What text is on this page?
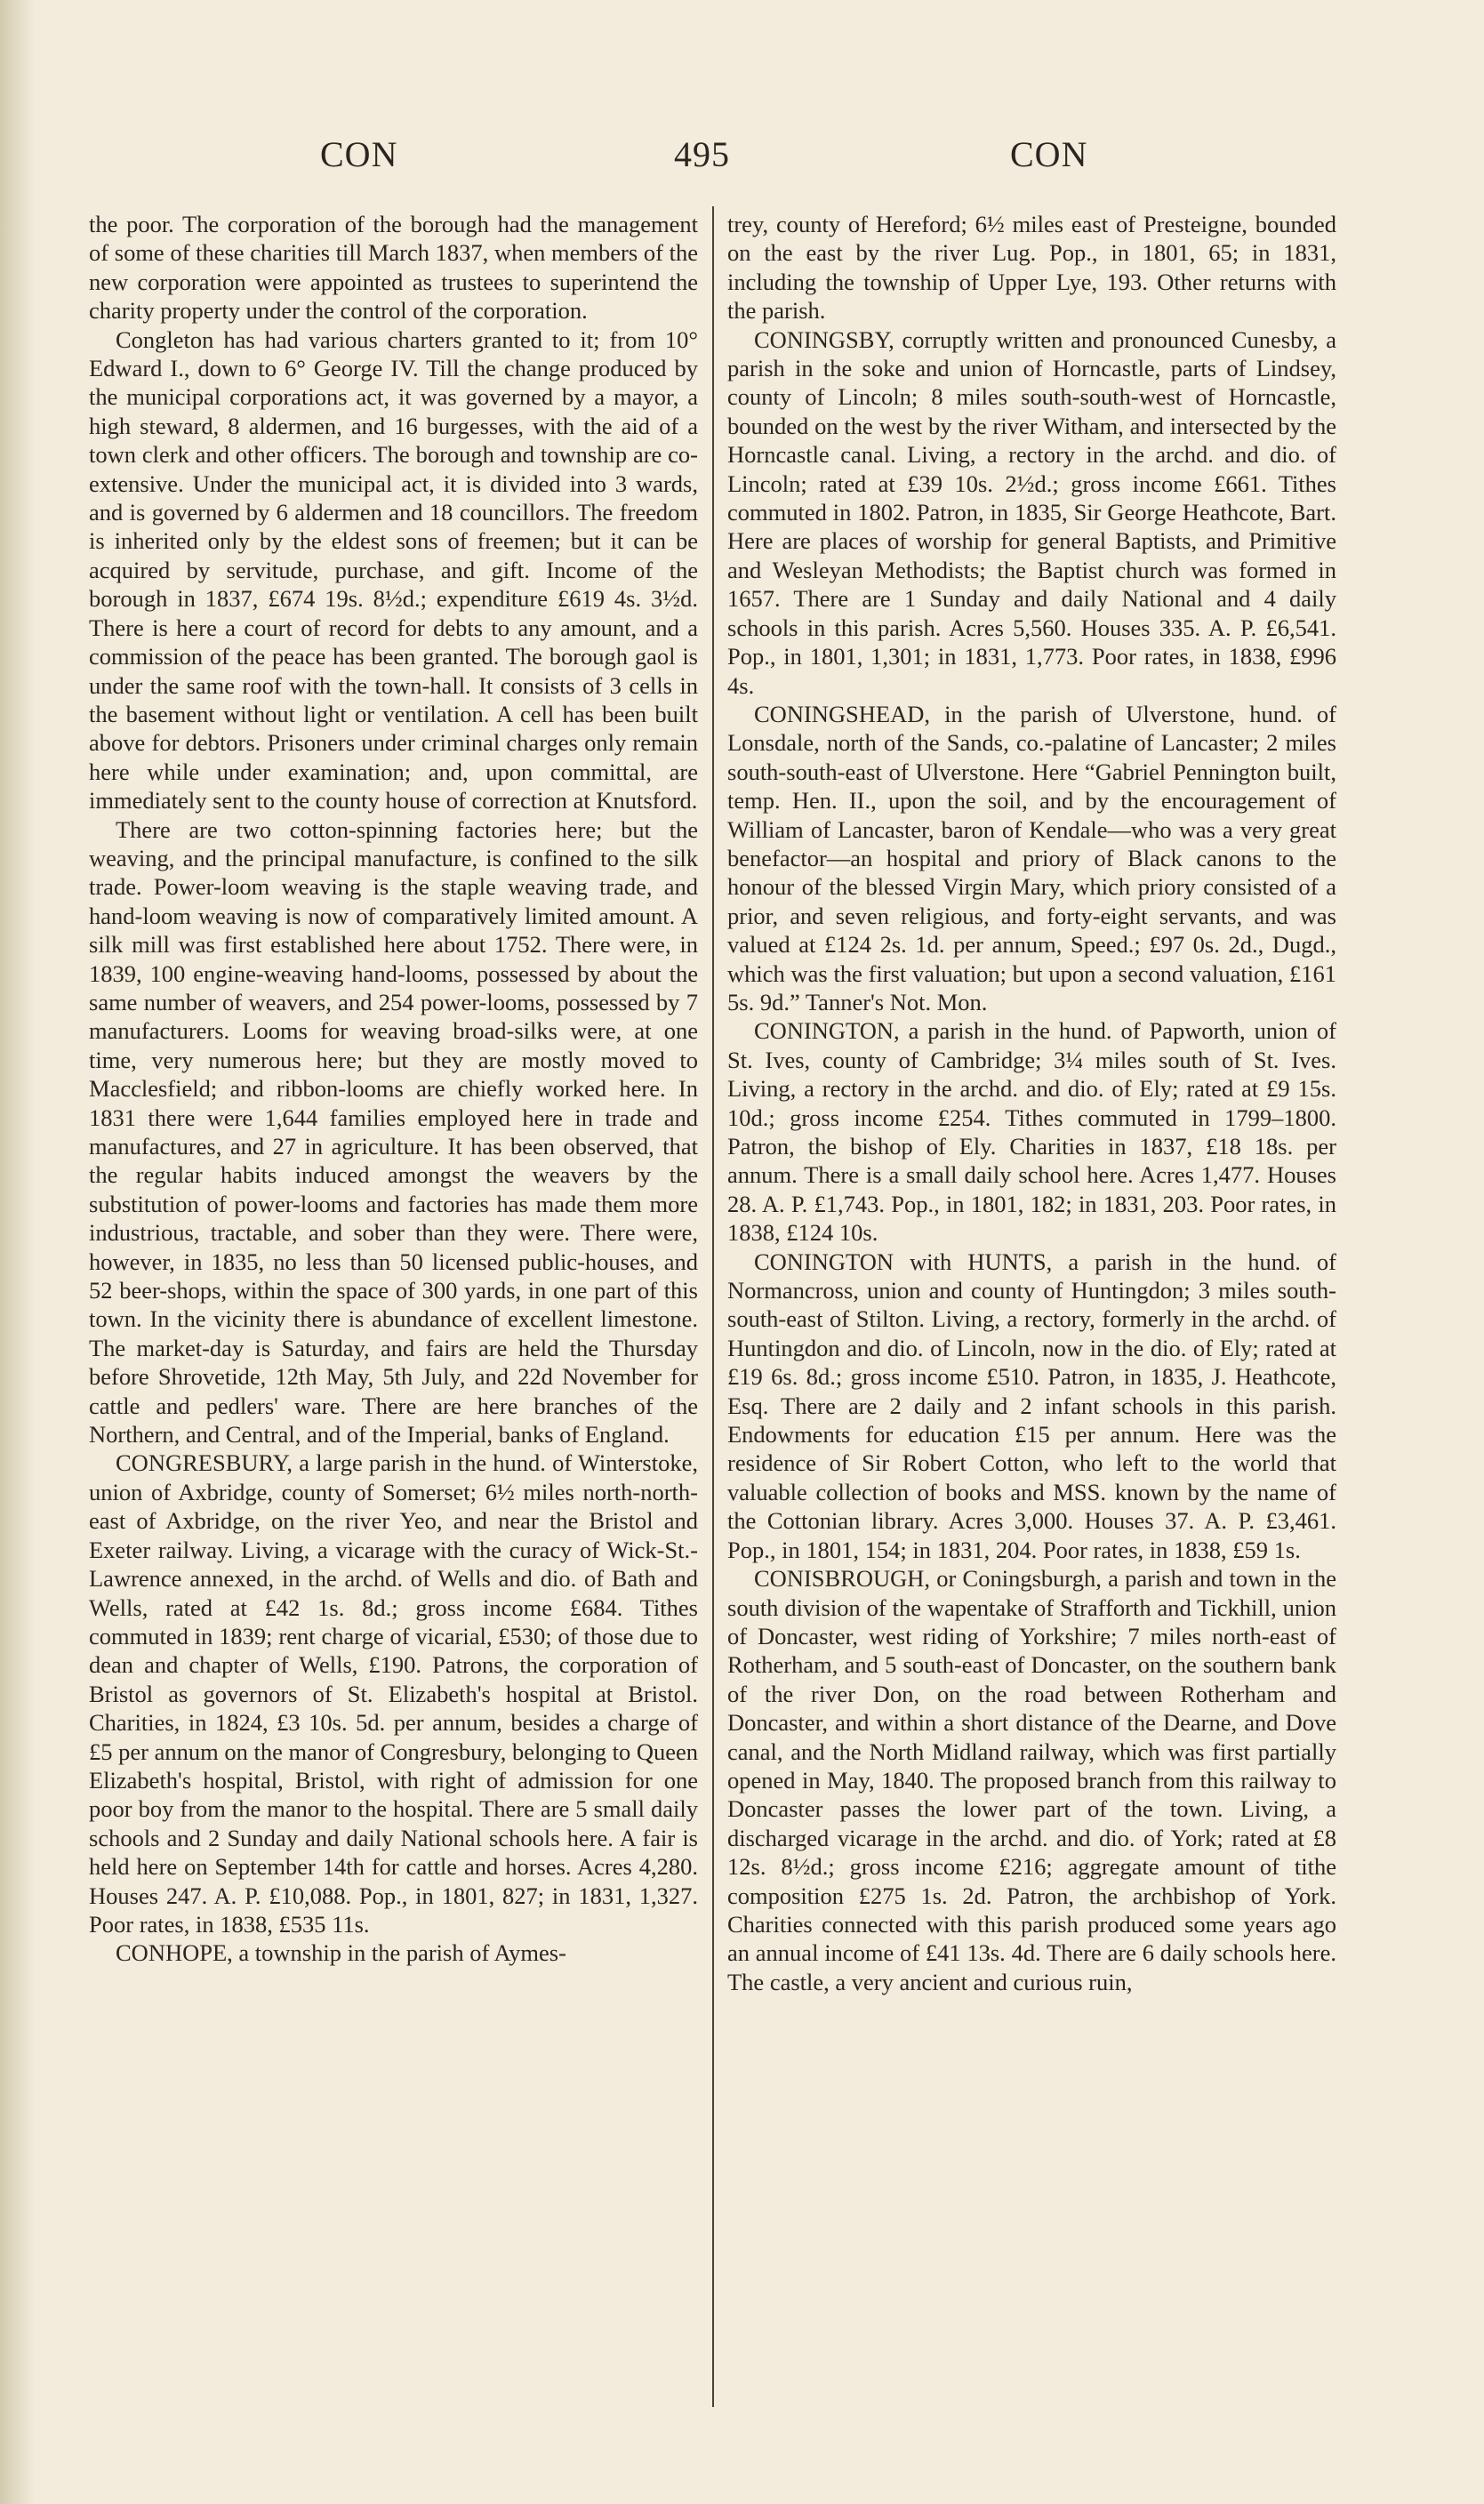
CON	495	CON

the poor. The corporation of the borough had the management of some of these charities till March 1837, when members of the new corporation were appointed as trustees to superintend the charity property under the control of the corporation.

Congleton has had various charters granted to it; from 10° Edward I., down to 6° George IV. Till the change produced by the municipal corporations act, it was governed by a mayor, a high steward, 8 aldermen, and 16 burgesses, with the aid of a town clerk and other officers. The borough and township are co-extensive. Under the municipal act, it is divided into 3 wards, and is governed by 6 aldermen and 18 councillors. The freedom is inherited only by the eldest sons of freemen; but it can be acquired by servitude, purchase, and gift. Income of the borough in 1837, £674 19s. 8½d.; expenditure £619 4s. 3½d. There is here a court of record for debts to any amount, and a commission of the peace has been granted. The borough gaol is under the same roof with the town-hall. It consists of 3 cells in the basement without light or ventilation. A cell has been built above for debtors. Prisoners under criminal charges only remain here while under examination; and, upon committal, are immediately sent to the county house of correction at Knutsford.

There are two cotton-spinning factories here; but the weaving, and the principal manufacture, is confined to the silk trade. Power-loom weaving is the staple weaving trade, and hand-loom weaving is now of comparatively limited amount. A silk mill was first established here about 1752. There were, in 1839, 100 engine-weaving hand-looms, possessed by about the same number of weavers, and 254 power-looms, possessed by 7 manufacturers. Looms for weaving broad-silks were, at one time, very numerous here; but they are mostly moved to Macclesfield; and ribbon-looms are chiefly worked here. In 1831 there were 1,644 families employed here in trade and manufactures, and 27 in agriculture. It has been observed, that the regular habits induced amongst the weavers by the substitution of power-looms and factories has made them more industrious, tractable, and sober than they were. There were, however, in 1835, no less than 50 licensed public-houses, and 52 beer-shops, within the space of 300 yards, in one part of this town. In the vicinity there is abundance of excellent limestone. The market-day is Saturday, and fairs are held the Thursday before Shrovetide, 12th May, 5th July, and 22d November for cattle and pedlers' ware. There are here branches of the Northern, and Central, and of the Imperial, banks of England.

CONGRESBURY, a large parish in the hund. of Winterstoke, union of Axbridge, county of Somerset; 6½ miles north-north-east of Axbridge, on the river Yeo, and near the Bristol and Exeter railway. Living, a vicarage with the curacy of Wick-St.-Lawrence annexed, in the archd. of Wells and dio. of Bath and Wells, rated at £42 1s. 8d.; gross income £684. Tithes commuted in 1839; rent charge of vicarial, £530; of those due to dean and chapter of Wells, £190. Patrons, the corporation of Bristol as governors of St. Elizabeth's hospital at Bristol. Charities, in 1824, £3 10s. 5d. per annum, besides a charge of £5 per annum on the manor of Congresbury, belonging to Queen Elizabeth's hospital, Bristol, with right of admission for one poor boy from the manor to the hospital. There are 5 small daily schools and 2 Sunday and daily National schools here. A fair is held here on September 14th for cattle and horses. Acres 4,280. Houses 247. A. P. £10,088. Pop., in 1801, 827; in 1831, 1,327. Poor rates, in 1838, £535 11s.

CONHOPE, a township in the parish of Aymes-

trey, county of Hereford; 6½ miles east of Presteigne, bounded on the east by the river Lug. Pop., in 1801, 65; in 1831, including the township of Upper Lye, 193. Other returns with the parish.

CONINGSBY, corruptly written and pronounced Cunesby, a parish in the soke and union of Horncastle, parts of Lindsey, county of Lincoln; 8 miles south-south-west of Horncastle, bounded on the west by the river Witham, and intersected by the Horncastle canal. Living, a rectory in the archd. and dio. of Lincoln; rated at £39 10s. 2½d.; gross income £661. Tithes commuted in 1802. Patron, in 1835, Sir George Heathcote, Bart. Here are places of worship for general Baptists, and Primitive and Wesleyan Methodists; the Baptist church was formed in 1657. There are 1 Sunday and daily National and 4 daily schools in this parish. Acres 5,560. Houses 335. A. P. £6,541. Pop., in 1801, 1,301; in 1831, 1,773. Poor rates, in 1838, £996 4s.

CONINGSHEAD, in the parish of Ulverstone, hund. of Lonsdale, north of the Sands, co.-palatine of Lancaster; 2 miles south-south-east of Ulverstone. Here “Gabriel Pennington built, temp. Hen. II., upon the soil, and by the encouragement of William of Lancaster, baron of Kendale—who was a very great benefactor—an hospital and priory of Black canons to the honour of the blessed Virgin Mary, which priory consisted of a prior, and seven religious, and forty-eight servants, and was valued at £124 2s. 1d. per annum, Speed.; £97 0s. 2d., Dugd., which was the first valuation; but upon a second valuation, £161 5s. 9d.” Tanner's Not. Mon.

CONINGTON, a parish in the hund. of Papworth, union of St. Ives, county of Cambridge; 3¼ miles south of St. Ives. Living, a rectory in the archd. and dio. of Ely; rated at £9 15s. 10d.; gross income £254. Tithes commuted in 1799–1800. Patron, the bishop of Ely. Charities in 1837, £18 18s. per annum. There is a small daily school here. Acres 1,477. Houses 28. A. P. £1,743. Pop., in 1801, 182; in 1831, 203. Poor rates, in 1838, £124 10s.

CONINGTON with HUNTS, a parish in the hund. of Normancross, union and county of Huntingdon; 3 miles south-south-east of Stilton. Living, a rectory, formerly in the archd. of Huntingdon and dio. of Lincoln, now in the dio. of Ely; rated at £19 6s. 8d.; gross income £510. Patron, in 1835, J. Heathcote, Esq. There are 2 daily and 2 infant schools in this parish. Endowments for education £15 per annum. Here was the residence of Sir Robert Cotton, who left to the world that valuable collection of books and MSS. known by the name of the Cottonian library. Acres 3,000. Houses 37. A. P. £3,461. Pop., in 1801, 154; in 1831, 204. Poor rates, in 1838, £59 1s.

CONISBROUGH, or Coningsburgh, a parish and town in the south division of the wapentake of Strafforth and Tickhill, union of Doncaster, west riding of Yorkshire; 7 miles north-east of Rotherham, and 5 south-east of Doncaster, on the southern bank of the river Don, on the road between Rotherham and Doncaster, and within a short distance of the Dearne, and Dove canal, and the North Midland railway, which was first partially opened in May, 1840. The proposed branch from this railway to Doncaster passes the lower part of the town. Living, a discharged vicarage in the archd. and dio. of York; rated at £8 12s. 8½d.; gross income £216; aggregate amount of tithe composition £275 1s. 2d. Patron, the archbishop of York. Charities connected with this parish produced some years ago an annual income of £41 13s. 4d. There are 6 daily schools here. The castle, a very ancient and curious ruin,
